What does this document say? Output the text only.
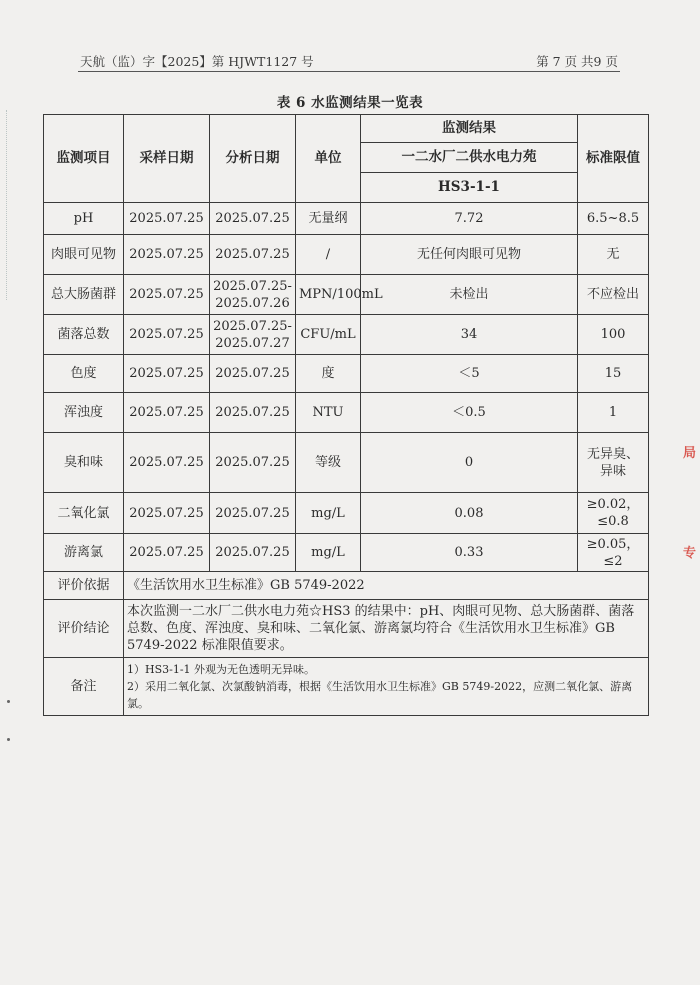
天航（监）字【2025】第 HJWT1127 号	第 7 页 共9 页
表 6 水监测结果一览表
监测项目	采样日期	分析日期	单位	监测结果	标准限值
				一二水厂二供水电力苑	
				HS3-1-1	
pH	2025.07.25	2025.07.25	无量纲	7.72	6.5~8.5
肉眼可见物	2025.07.25	2025.07.25	/	无任何肉眼可见物	无
总大肠菌群	2025.07.25	2025.07.25-2025.07.26	MPN/100mL	未检出	不应检出
菌落总数	2025.07.25	2025.07.25-2025.07.27	CFU/mL	34	100
色度	2025.07.25	2025.07.25	度	＜5	15
浑浊度	2025.07.25	2025.07.25	NTU	＜0.5	1
臭和味	2025.07.25	2025.07.25	等级	0	无异臭、异味
二氧化氯	2025.07.25	2025.07.25	mg/L	0.08	≥0.02，≤0.8
游离氯	2025.07.25	2025.07.25	mg/L	0.33	≥0.05，≤2
评价依据	《生活饮用水卫生标准》GB 5749-2022				
评价结论	本次监测一二水厂二供水电力苑☆HS3 的结果中：pH、肉眼可见物、总大肠菌群、菌落总数、色度、浑浊度、臭和味、二氧化氯、游离氯均符合《生活饮用水卫生标准》GB 5749-2022 标准限值要求。				
备注	1）HS3-1-1 外观为无色透明无异味。
2）采用二氧化氯、次氯酸钠消毒，根据《生活饮用水卫生标准》GB 5749-2022，应测二氧化氯、游离氯。				
局
专
